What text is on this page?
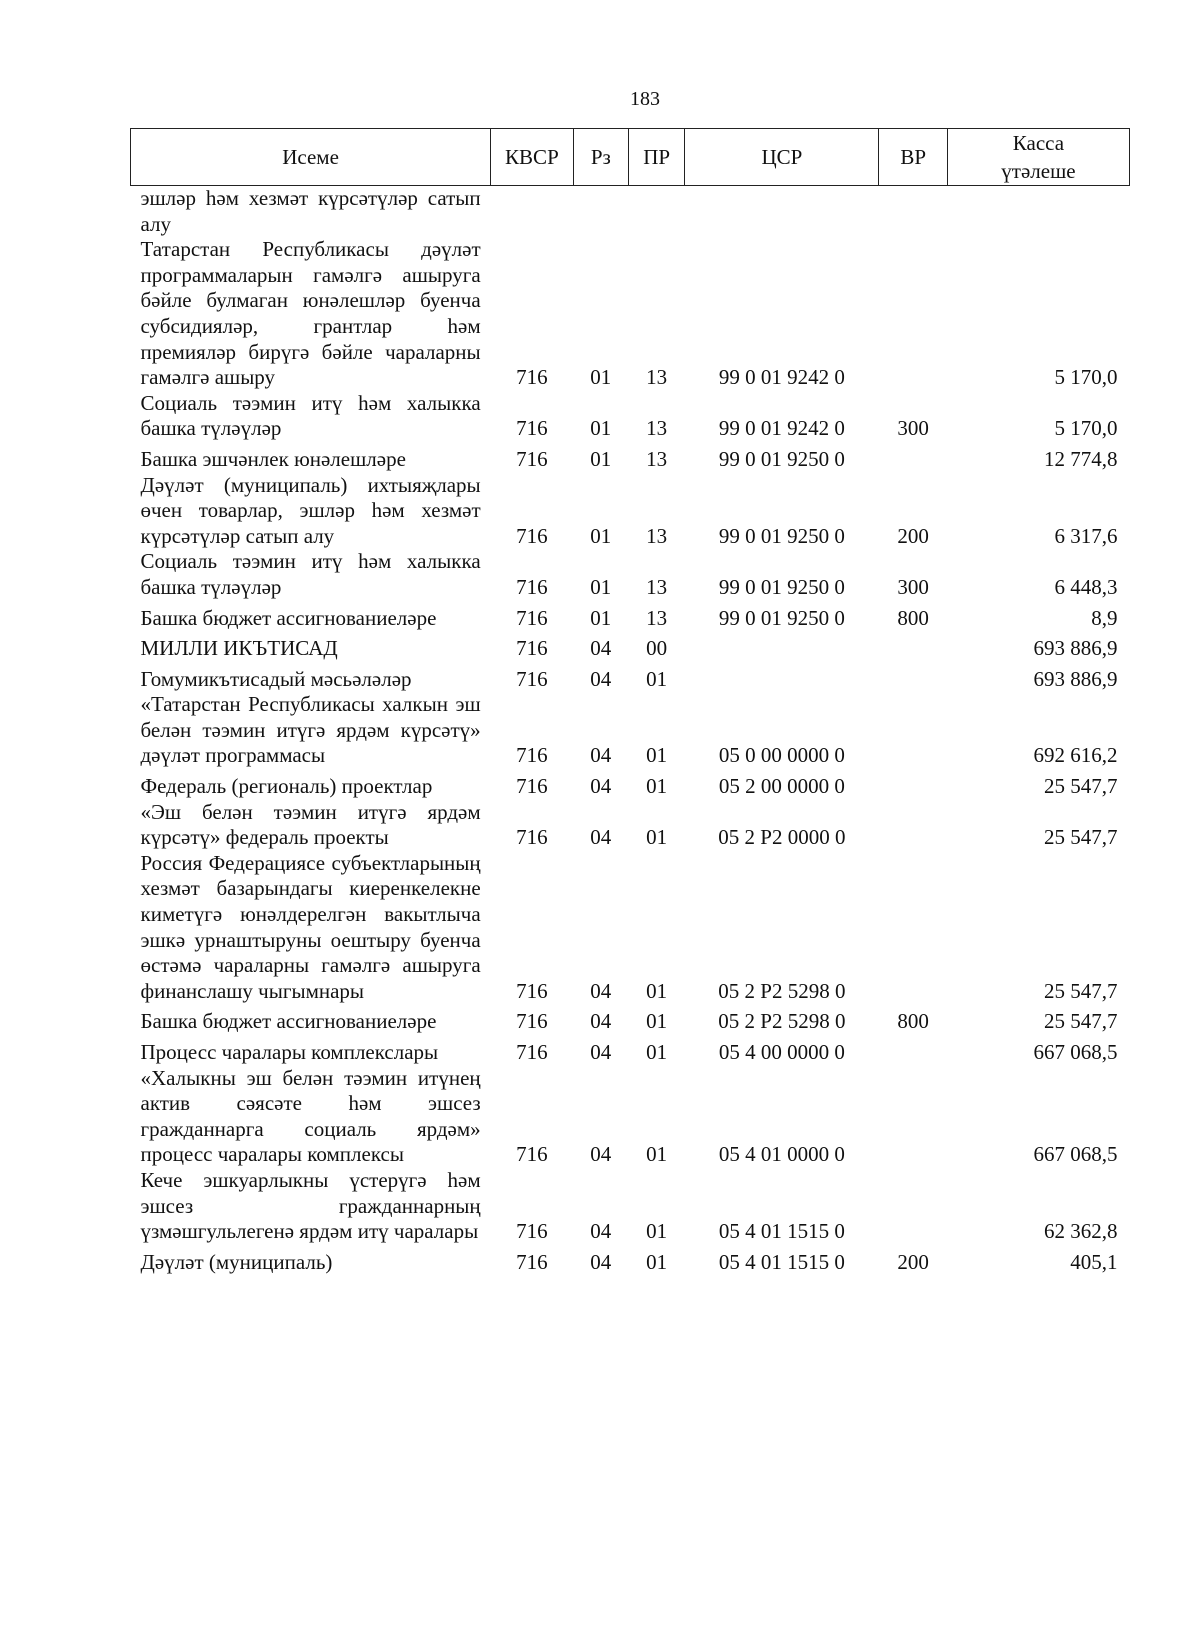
183
Исеме	КВСР	Рз	ПР	ЦСР	ВР	Касса
үтәлеше

эшләр һәм хезмәт күрсәтүләр сатып алу						
Татарстан Республикасы дәүләт программаларын гамәлгә ашыруга бәйле булмаган юнәлешләр буенча субсидияләр, грантлар һәм премияләр бирүгә бәйле чараларны гамәлгә ашыру	716	01	13	99 0 01 9242 0		5 170,0
Социаль тәэмин итү һәм халыкка башка түләүләр	716	01	13	99 0 01 9242 0	300	5 170,0
Башка эшчәнлек юнәлешләре	716	01	13	99 0 01 9250 0		12 774,8
Дәүләт (муниципаль) ихтыяҗлары өчен товарлар, эшләр һәм хезмәт күрсәтүләр сатып алу	716	01	13	99 0 01 9250 0	200	6 317,6
Социаль тәэмин итү һәм халыкка башка түләүләр	716	01	13	99 0 01 9250 0	300	6 448,3
Башка бюджет ассигнованиеләре	716	01	13	99 0 01 9250 0	800	8,9
МИЛЛИ ИКЪТИСАД	716	04	00			693 886,9
Гомумикътисадый мәсьәләләр	716	04	01			693 886,9
«Татарстан Республикасы халкын эш белән тәэмин итүгә ярдәм күрсәтү» дәүләт программасы	716	04	01	05 0 00 0000 0		692 616,2
Федераль (региональ) проектлар	716	04	01	05 2 00 0000 0		25 547,7
«Эш белән тәэмин итүгә ярдәм күрсәтү» федераль проекты	716	04	01	05 2 P2 0000 0		25 547,7
Россия Федерациясе субъектларының хезмәт базарындагы киеренкелекне киметүгә юнәлдерелгән вакытлыча эшкә урнаштыруны оештыру буенча өстәмә чараларны гамәлгә ашыруга финанслашу чыгымнары	716	04	01	05 2 P2 5298 0		25 547,7
Башка бюджет ассигнованиеләре	716	04	01	05 2 P2 5298 0	800	25 547,7
Процесс чаралары комплекслары	716	04	01	05 4 00 0000 0		667 068,5
«Халыкны эш белән тәэмин итүнең актив сәясәте һәм эшсез гражданнарга социаль ярдәм» процесс чаралары комплексы	716	04	01	05 4 01 0000 0		667 068,5
Кече эшкуарлыкны үстерүгә һәм эшсез гражданнарның үзмәшгульлегенә ярдәм итү чаралары	716	04	01	05 4 01 1515 0		62 362,8
Дәүләт (муниципаль)	716	04	01	05 4 01 1515 0	200	405,1
